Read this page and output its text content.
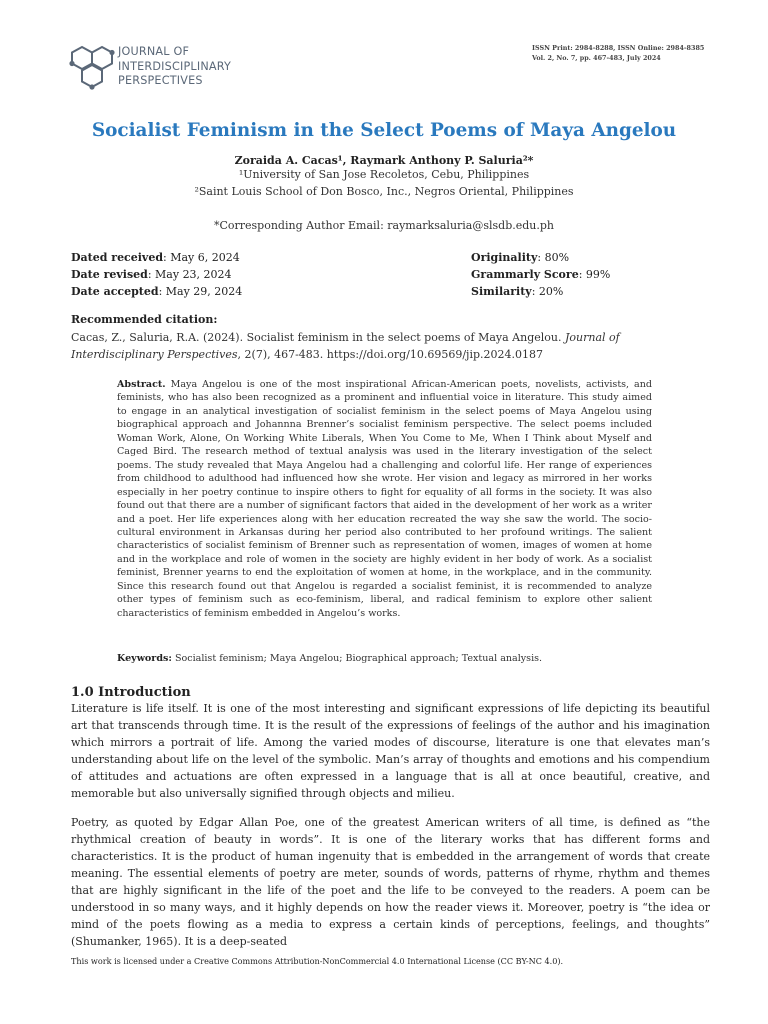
JOURNAL OF
INTERDISCIPLINARY
PERSPECTIVES
ISSN Print: 2984-8288, ISSN Online: 2984-8385
Vol. 2, No. 7, pp. 467-483, July 2024
Socialist Feminism in the Select Poems of Maya Angelou
Zoraida A. Cacas¹, Raymark Anthony P. Saluria²*
¹University of San Jose Recoletos, Cebu, Philippines
²Saint Louis School of Don Bosco, Inc., Negros Oriental, Philippines
*Corresponding Author Email: raymarksaluria@slsdb.edu.ph
Dated received: May 6, 2024
Date revised: May 23, 2024
Date accepted: May 29, 2024
Originality: 80%
Grammarly Score: 99%
Similarity: 20%
Recommended citation:
Cacas, Z., Saluria, R.A. (2024). Socialist feminism in the select poems of Maya Angelou. Journal of Interdisciplinary Perspectives, 2(7), 467-483. https://doi.org/10.69569/jip.2024.0187
Abstract. Maya Angelou is one of the most inspirational African-American poets, novelists, activists, and feminists, who has also been recognized as a prominent and influential voice in literature. This study aimed to engage in an analytical investigation of socialist feminism in the select poems of Maya Angelou using biographical approach and Johannna Brenner’s socialist feminism perspective. The select poems included Woman Work, Alone, On Working White Liberals, When You Come to Me, When I Think about Myself and Caged Bird. The research method of textual analysis was used in the literary investigation of the select poems. The study revealed that Maya Angelou had a challenging and colorful life. Her range of experiences from childhood to adulthood had influenced how she wrote. Her vision and legacy as mirrored in her works especially in her poetry continue to inspire others to fight for equality of all forms in the society. It was also found out that there are a number of significant factors that aided in the development of her work as a writer and a poet. Her life experiences along with her education recreated the way she saw the world. The socio-cultural environment in Arkansas during her period also contributed to her profound writings. The salient characteristics of socialist feminism of Brenner such as representation of women, images of women at home and in the workplace and role of women in the society are highly evident in her body of work. As a socialist feminist, Brenner yearns to end the exploitation of women at home, in the workplace, and in the community. Since this research found out that Angelou is regarded a socialist feminist, it is recommended to analyze other types of feminism such as eco-feminism, liberal, and radical feminism to explore other salient characteristics of feminism embedded in Angelou’s works.
Keywords: Socialist feminism; Maya Angelou; Biographical approach; Textual analysis.
1.0 Introduction
Literature is life itself. It is one of the most interesting and significant expressions of life depicting its beautiful art that transcends through time. It is the result of the expressions of feelings of the author and his imagination which mirrors a portrait of life. Among the varied modes of discourse, literature is one that elevates man’s understanding about life on the level of the symbolic. Man’s array of thoughts and emotions and his compendium of attitudes and actuations are often expressed in a language that is all at once beautiful, creative, and memorable but also universally signified through objects and milieu.
Poetry, as quoted by Edgar Allan Poe, one of the greatest American writers of all time, is defined as “the rhythmical creation of beauty in words”. It is one of the literary works that has different forms and characteristics. It is the product of human ingenuity that is embedded in the arrangement of words that create meaning. The essential elements of poetry are meter, sounds of words, patterns of rhyme, rhythm and themes that are highly significant in the life of the poet and the life to be conveyed to the readers. A poem can be understood in so many ways, and it highly depends on how the reader views it. Moreover, poetry is “the idea or mind of the poets flowing as a media to express a certain kinds of perceptions, feelings, and thoughts” (Shumanker, 1965). It is a deep-seated
This work is licensed under a Creative Commons Attribution-NonCommercial 4.0 International License (CC BY-NC 4.0).
